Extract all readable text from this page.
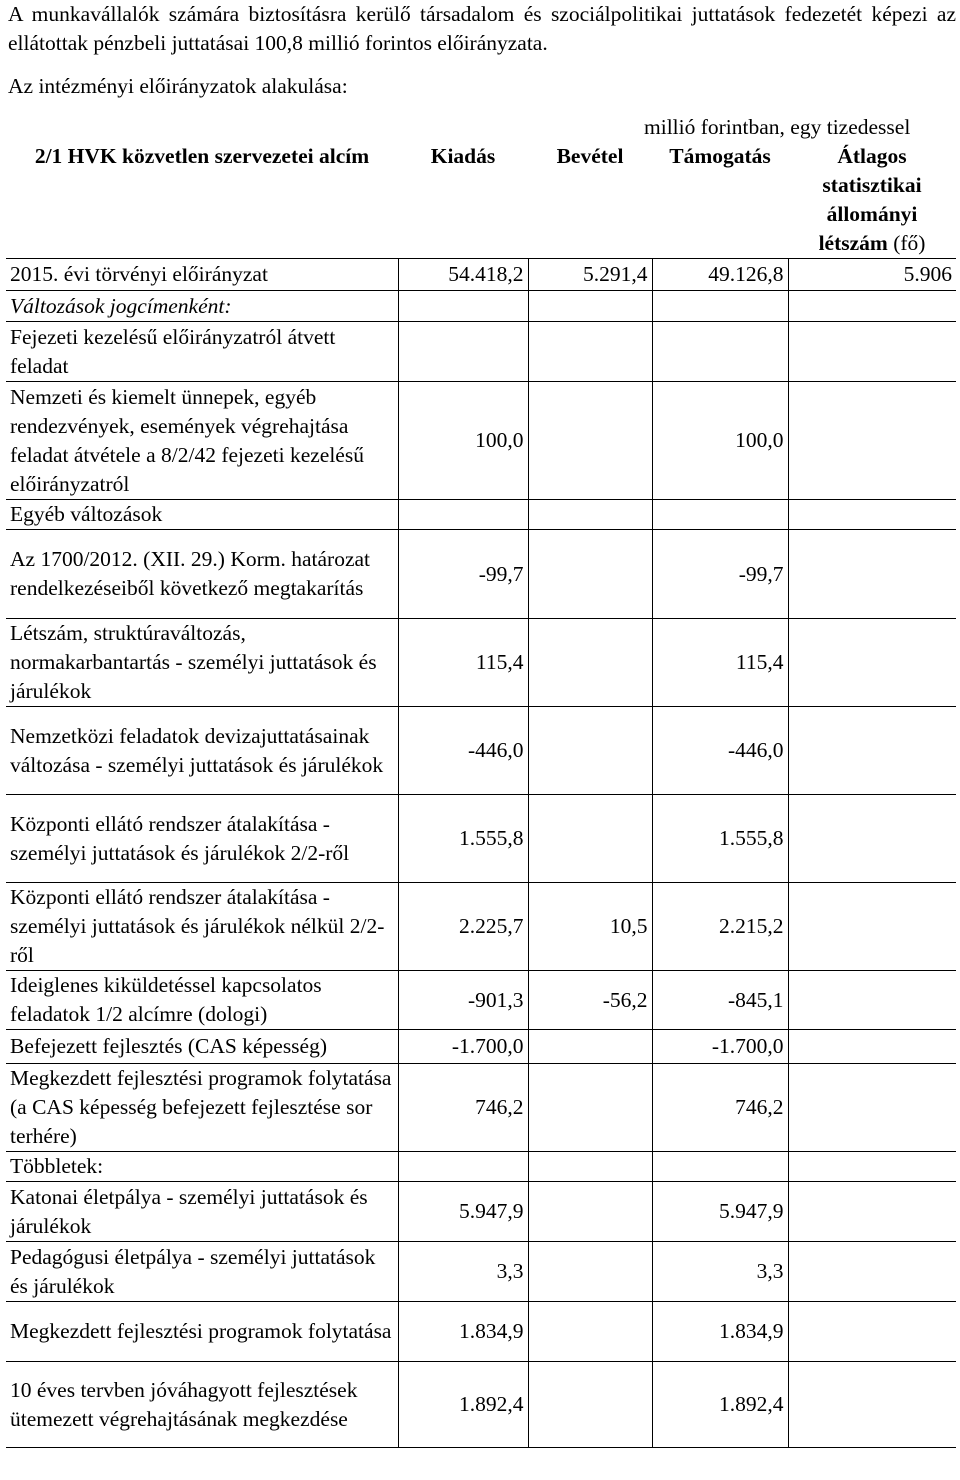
A munkavállalók számára biztosításra kerülő társadalom és szociálpolitikai juttatások fedezetét képezi az ellátottak pénzbeli juttatásai 100,8 millió forintos előirányzata.

Az intézményi előirányzatok alakulása:
millió forintban, egy tizedessel
2/1 HVK közvetlen szervezetei alcím	Kiadás	Bevétel	Támogatás	Átlagos statisztikai állományi létszám (fő)
2015. évi törvényi előirányzat	54.418,2	5.291,4	49.126,8	5.906
Változások jogcímenként:				
Fejezeti kezelésű előirányzatról átvett feladat				
Nemzeti és kiemelt ünnepek, egyéb rendezvények, események végrehajtása feladat átvétele a 8/2/42 fejezeti kezelésű előirányzatról	100,0		100,0	
Egyéb változások				
Az 1700/2012. (XII. 29.) Korm. határozat rendelkezéseiből következő megtakarítás	-99,7		-99,7	
Létszám, struktúraváltozás, normakarbantartás - személyi juttatások és járulékok	115,4		115,4	
Nemzetközi feladatok devizajuttatásainak változása - személyi juttatások és járulékok	-446,0		-446,0	
Központi ellátó rendszer átalakítása - személyi juttatások és járulékok 2/2-ről	1.555,8		1.555,8	
Központi ellátó rendszer átalakítása - személyi juttatások és járulékok nélkül 2/2-ről	2.225,7	10,5	2.215,2	
Ideiglenes kiküldetéssel kapcsolatos feladatok 1/2 alcímre (dologi)	-901,3	-56,2	-845,1	
Befejezett fejlesztés (CAS képesség)	-1.700,0		-1.700,0	
Megkezdett fejlesztési programok folytatása (a CAS képesség befejezett fejlesztése sor terhére)	746,2		746,2	
Többletek:				
Katonai életpálya - személyi juttatások és járulékok	5.947,9		5.947,9	
Pedagógusi életpálya - személyi juttatások és járulékok	3,3		3,3	
Megkezdett fejlesztési programok folytatása	1.834,9		1.834,9	
10 éves tervben jóváhagyott fejlesztések ütemezett végrehajtásának megkezdése	1.892,4		1.892,4	
